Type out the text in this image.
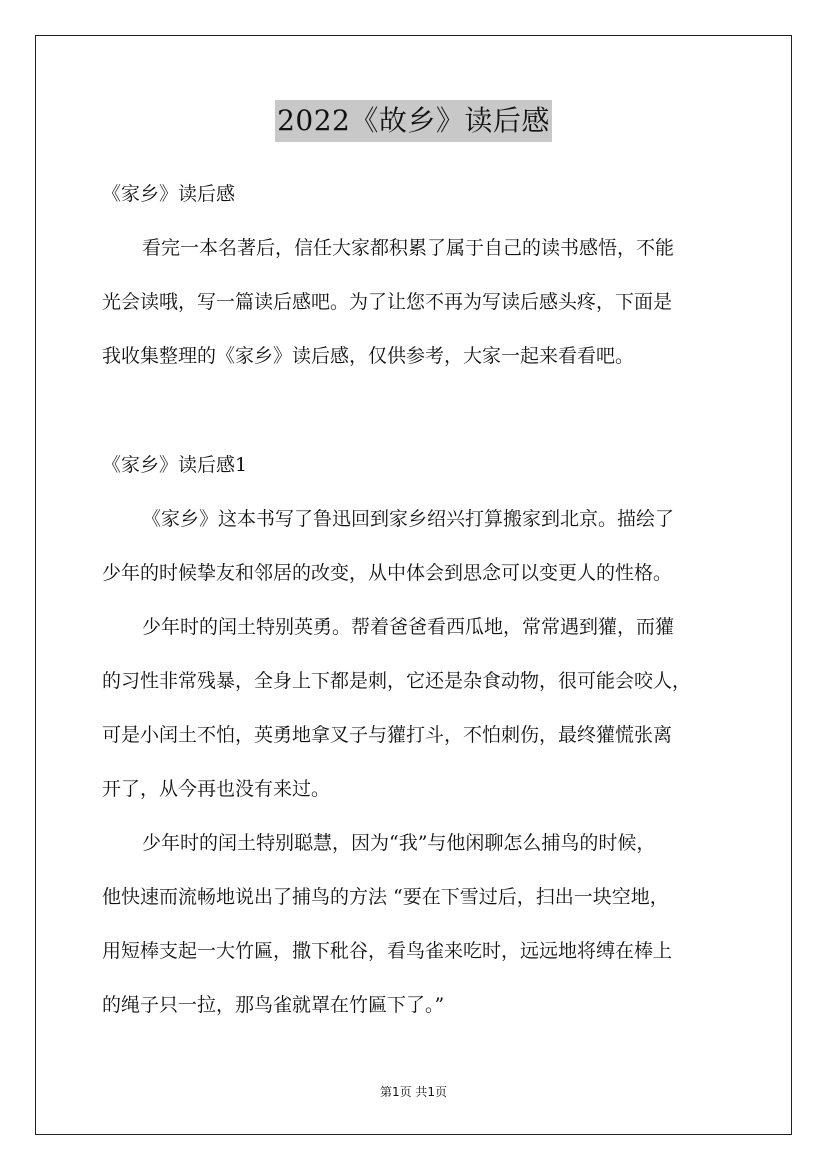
2022《故乡》读后感

《家乡》读后感

看完一本名著后，信任大家都积累了属于自己的读书感悟，不能

光会读哦，写一篇读后感吧。为了让您不再为写读后感头疼，下面是

我收集整理的《家乡》读后感，仅供参考，大家一起来看看吧。

《家乡》读后感1

《家乡》这本书写了鲁迅回到家乡绍兴打算搬家到北京。描绘了

少年的时候挚友和邻居的改变，从中体会到思念可以变更人的性格。

少年时的闰土特别英勇。帮着爸爸看西瓜地，常常遇到獾，而獾

的习性非常残暴，全身上下都是刺，它还是杂食动物，很可能会咬人，

可是小闰土不怕，英勇地拿叉子与獾打斗，不怕刺伤，最终獾慌张离

开了，从今再也没有来过。

少年时的闰土特别聪慧，因为“我”与他闲聊怎么捕鸟的时候，

他快速而流畅地说出了捕鸟的方法 “要在下雪过后，扫出一块空地，

用短棒支起一大竹匾，撒下秕谷，看鸟雀来吃时，远远地将缚在棒上

的绳子只一拉，那鸟雀就罩在竹匾下了。”

第1页 共1页
